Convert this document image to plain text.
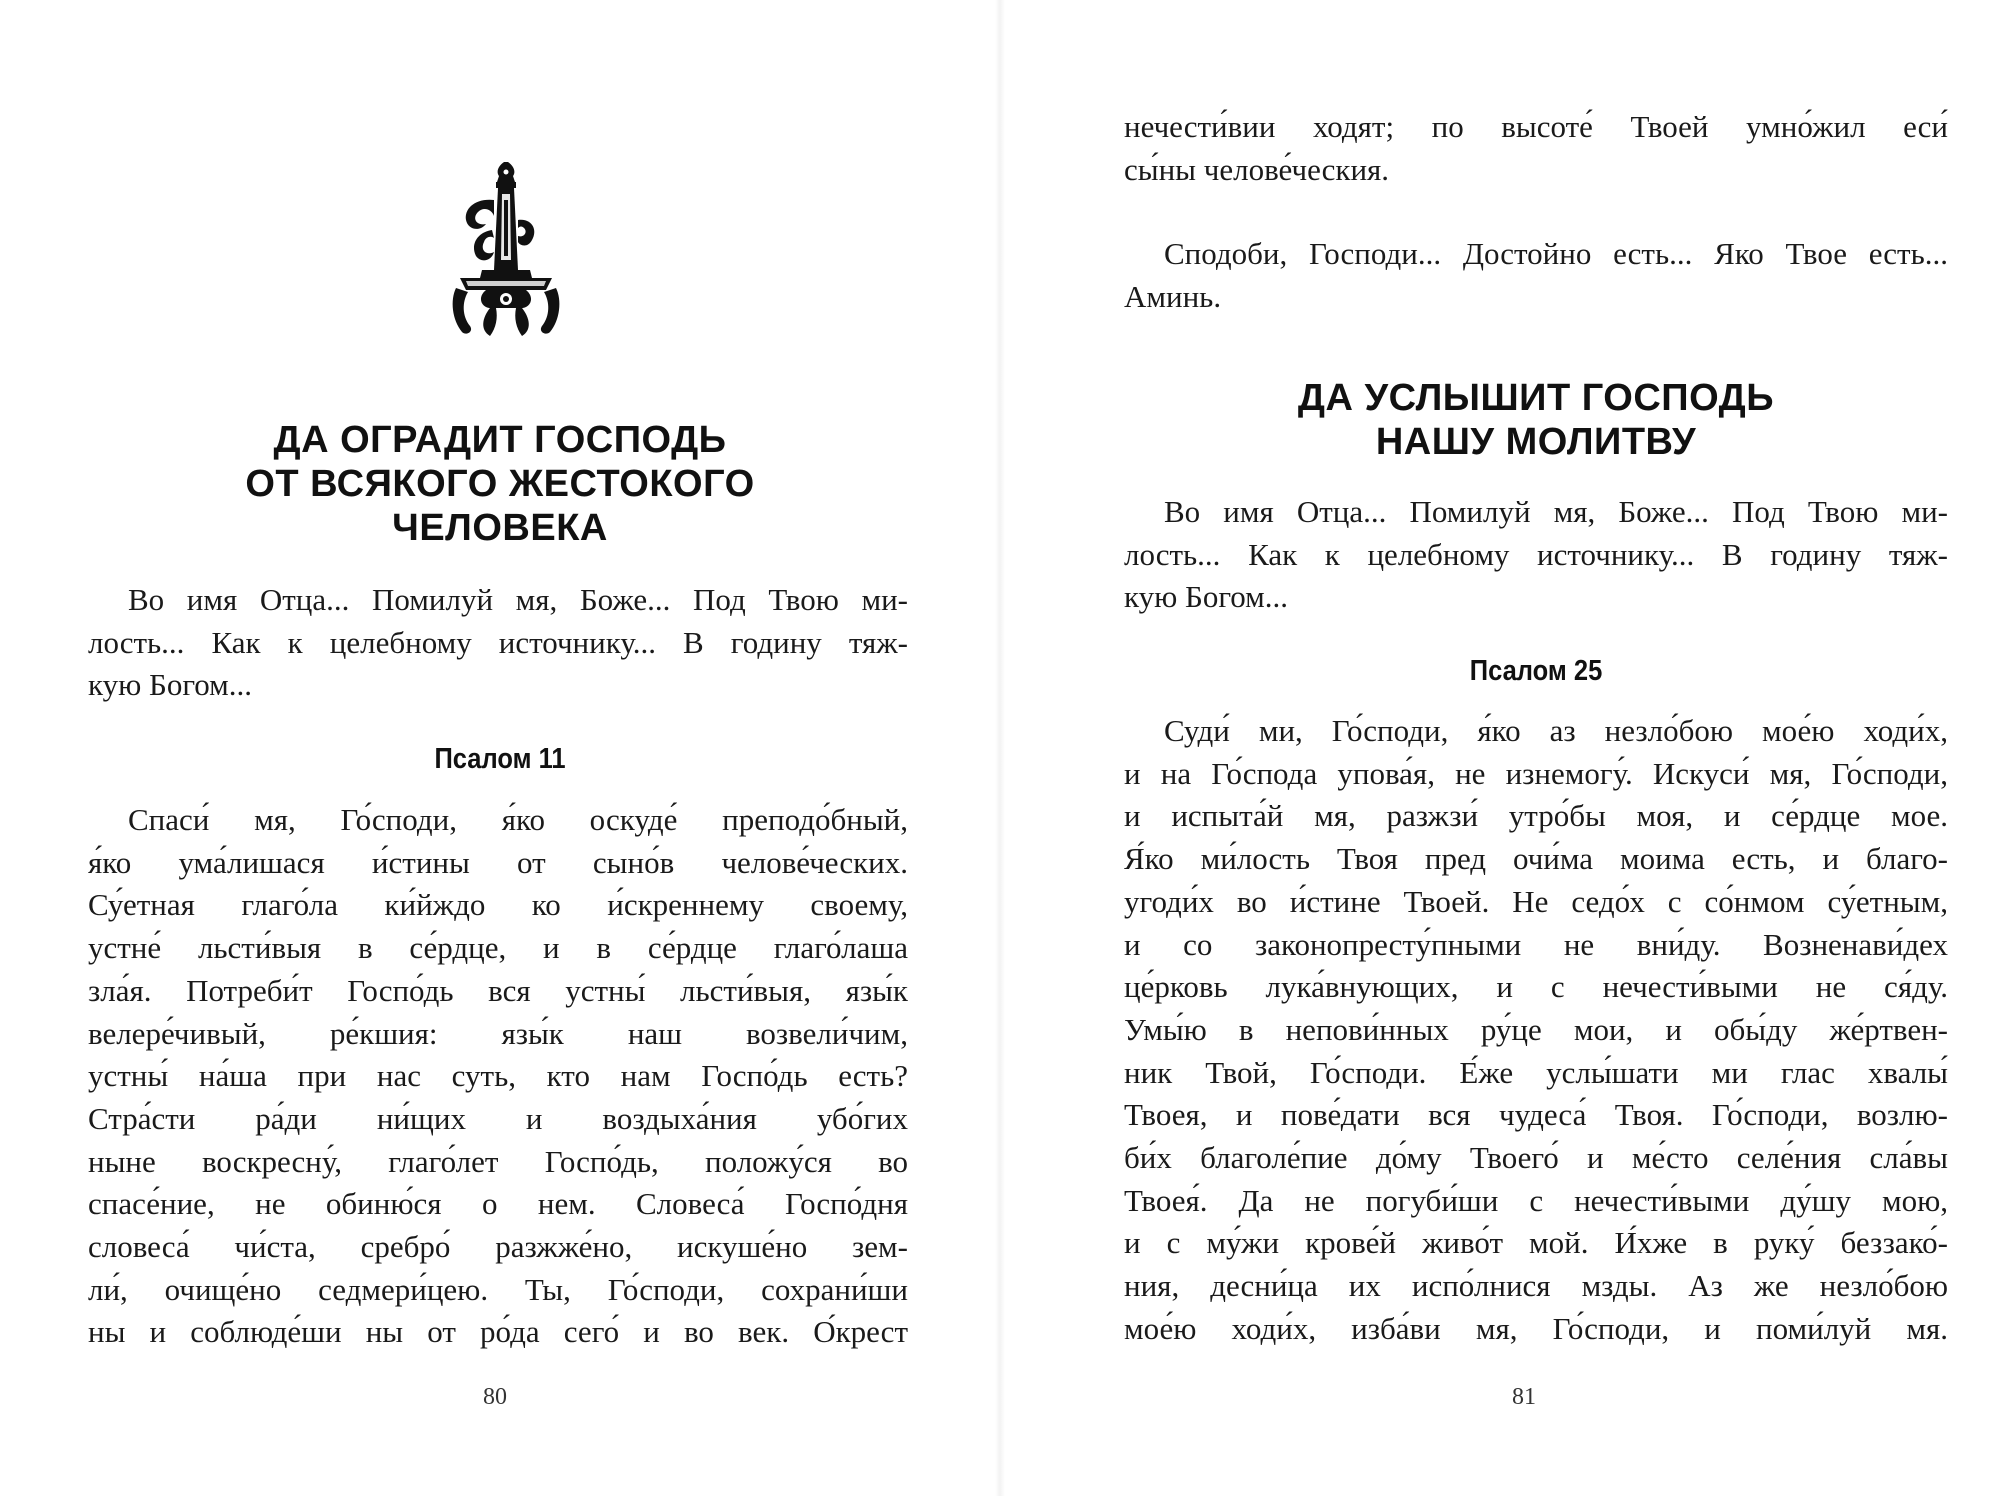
ДА ОГРАДИТ ГОСПОДЬ
ОТ ВСЯКОГО ЖЕСТОКОГО
ЧЕЛОВЕКА
Во имя Отца... Помилуй мя, Боже... Под Твою ми-
лость... Как к целебному источнику... В годину тяж-
кую Богом...
Псалом 11
Спаси́ мя, Го́споди, я́ко оскуде́ преподо́бный,
я́ко ума́лишася и́стины от сыно́в челове́ческих.
Су́етная глаго́ла ки́йждо ко и́скреннему своему,
устне́ льсти́выя в се́рдце, и в се́рдце глаго́лаша
зла́я. Потреби́т Госпо́дь вся устны́ льсти́выя, язы́к
велере́чивый, ре́кшия: язы́к наш возвели́чим,
устны́ на́ша при нас суть, кто нам Госпо́дь есть?
Стра́сти ра́ди ни́щих и воздыха́ния убо́гих
ныне воскресну́, глаго́лет Госпо́дь, положу́ся во
спасе́ние, не обиню́ся о нем. Словеса́ Госпо́дня
словеса́ чи́ста, сребро́ разжже́но, искуше́но зем-
ли́, очище́но седмери́цею. Ты, Го́споди, сохрани́ши
ны и соблюде́ши ны от ро́да сего́ и во век. О́крест
80
нечести́вии ходят; по высоте́ Твоей умно́жил еси́
сы́ны челове́ческия.
Сподоби, Господи... Достойно есть... Яко Твое есть...
Аминь.
ДА УСЛЫШИТ ГОСПОДЬ
НАШУ МОЛИТВУ
Во имя Отца... Помилуй мя, Боже... Под Твою ми-
лость... Как к целебному источнику... В годину тяж-
кую Богом...
Псалом 25
Суди́ ми, Го́споди, я́ко аз незло́бою мое́ю ходи́х,
и на Го́спода упова́я, не изнемогу́. Искуси́ мя, Го́споди,
и испыта́й мя, разжзи́ утро́бы моя, и се́рдце мое.
Я́ко ми́лость Твоя пред очи́ма моима есть, и благо-
угоди́х во и́стине Твоей. Не седо́х с со́нмом су́етным,
и со законопресту́пными не вни́ду. Возненави́дех
це́рковь лука́внующих, и с нечести́выми не ся́ду.
Умы́ю в непови́нных ру́це мои, и обы́ду же́ртвен-
ник Твой, Го́споди. Е́же услы́шати ми глас хвалы́
Твоея, и пове́дати вся чудеса́ Твоя. Го́споди, возлю-
би́х благоле́пие до́му Твоего́ и ме́сто селе́ния сла́вы
Твоея́. Да не погуби́ши с нечести́выми ду́шу мою,
и с му́жи крове́й живо́т мой. И́хже в руку́ беззако́-
ния, десни́ца их испо́лнися мзды. Аз же незло́бою
мое́ю ходи́х, изба́ви мя, Го́споди, и поми́луй мя.
81
